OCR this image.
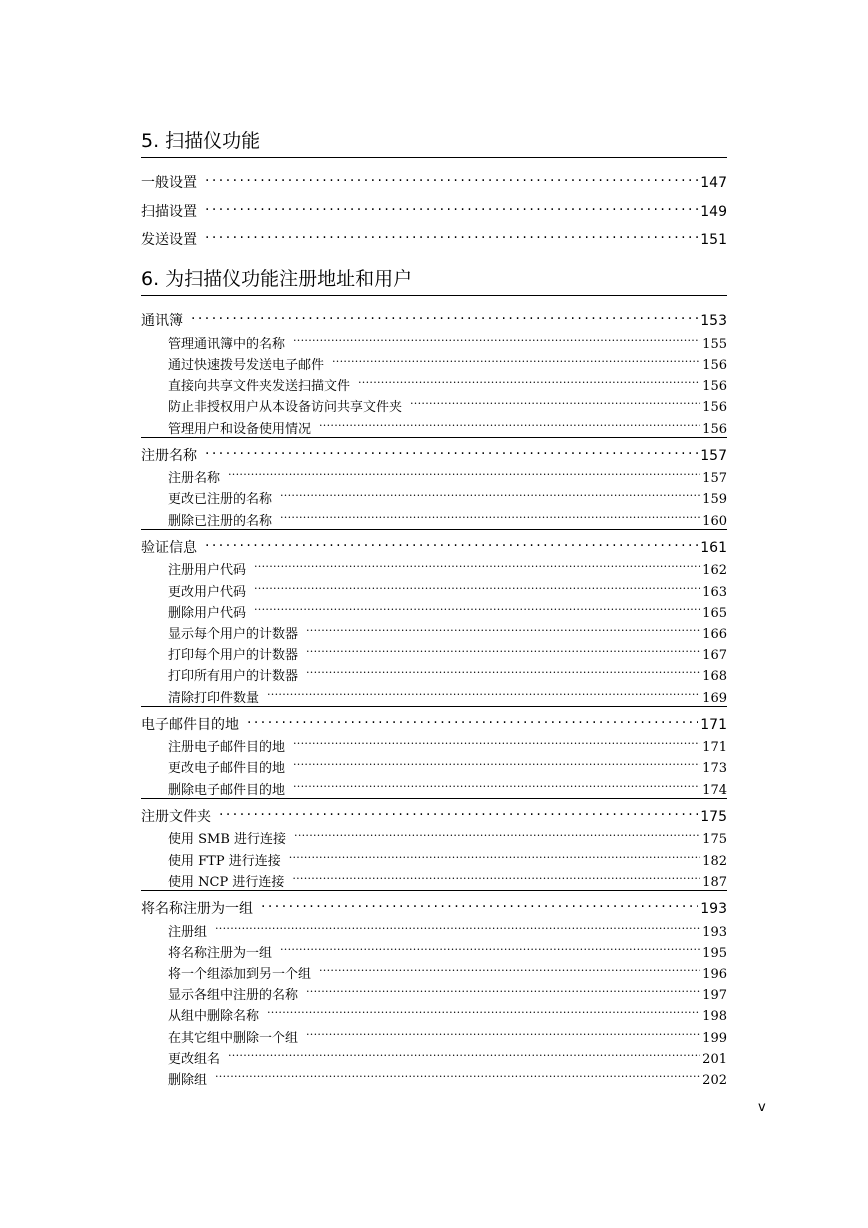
5. 扫描仪功能
一般设置 . . .	147
扫描设置 . . .	149
发送设置 . . .	151
6. 为扫描仪功能注册地址和用户
通讯簿 . . .	153
管理通讯簿中的名称 . . .	155
通过快速拨号发送电子邮件 . . .	156
直接向共享文件夹发送扫描文件 . . .	156
防止非授权用户从本设备访问共享文件夹 . . .	156
管理用户和设备使用情况 . . .	156
注册名称 . . .	157
注册名称 . . .	157
更改已注册的名称 . . .	159
删除已注册的名称 . . .	160
验证信息 . . .	161
注册用户代码 . . .	162
更改用户代码 . . .	163
删除用户代码 . . .	165
显示每个用户的计数器 . . .	166
打印每个用户的计数器 . . .	167
打印所有用户的计数器 . . .	168
清除打印件数量 . . .	169
电子邮件目的地 . . .	171
注册电子邮件目的地 . . .	171
更改电子邮件目的地 . . .	173
删除电子邮件目的地 . . .	174
注册文件夹 . . .	175
使用 SMB 进行连接 . . .	175
使用 FTP 进行连接 . . .	182
使用 NCP 进行连接 . . .	187
将名称注册为一组 . . .	193
注册组 . . .	193
将名称注册为一组 . . .	195
将一个组添加到另一个组 . . .	196
显示各组中注册的名称 . . .	197
从组中删除名称 . . .	198
在其它组中删除一个组 . . .	199
更改组名 . . .	201
删除组 . . .	202
v
